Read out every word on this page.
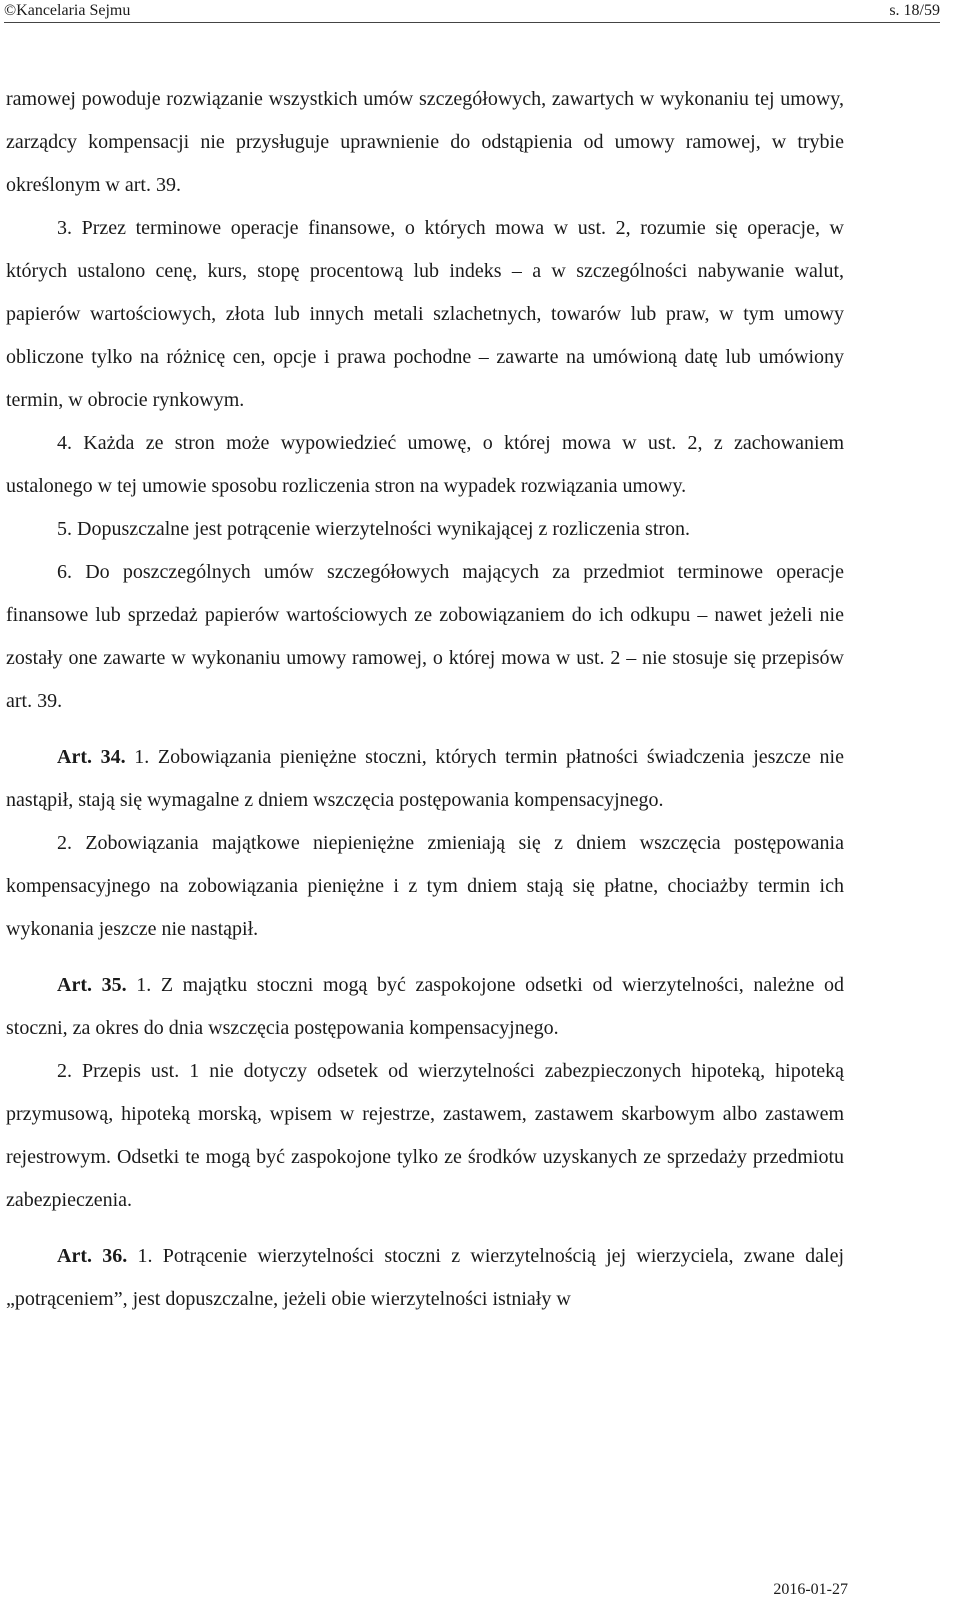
©Kancelaria Sejmu	s. 18/59

ramowej powoduje rozwiązanie wszystkich umów szczegółowych, zawartych w wykonaniu tej umowy, zarządcy kompensacji nie przysługuje uprawnienie do odstąpienia od umowy ramowej, w trybie określonym w art. 39.

3. Przez terminowe operacje finansowe, o których mowa w ust. 2, rozumie się operacje, w których ustalono cenę, kurs, stopę procentową lub indeks – a w szczególności nabywanie walut, papierów wartościowych, złota lub innych metali szlachetnych, towarów lub praw, w tym umowy obliczone tylko na różnicę cen, opcje i prawa pochodne – zawarte na umówioną datę lub umówiony termin, w obrocie rynkowym.

4. Każda ze stron może wypowiedzieć umowę, o której mowa w ust. 2, z zachowaniem ustalonego w tej umowie sposobu rozliczenia stron na wypadek rozwiązania umowy.

5. Dopuszczalne jest potrącenie wierzytelności wynikającej z rozliczenia stron.

6. Do poszczególnych umów szczegółowych mających za przedmiot terminowe operacje finansowe lub sprzedaż papierów wartościowych ze zobowiązaniem do ich odkupu – nawet jeżeli nie zostały one zawarte w wykonaniu umowy ramowej, o której mowa w ust. 2 – nie stosuje się przepisów art. 39.

Art. 34. 1. Zobowiązania pieniężne stoczni, których termin płatności świadczenia jeszcze nie nastąpił, stają się wymagalne z dniem wszczęcia postępowania kompensacyjnego.

2. Zobowiązania majątkowe niepieniężne zmieniają się z dniem wszczęcia postępowania kompensacyjnego na zobowiązania pieniężne i z tym dniem stają się płatne, chociażby termin ich wykonania jeszcze nie nastąpił.

Art. 35. 1. Z majątku stoczni mogą być zaspokojone odsetki od wierzytelności, należne od stoczni, za okres do dnia wszczęcia postępowania kompensacyjnego.

2. Przepis ust. 1 nie dotyczy odsetek od wierzytelności zabezpieczonych hipoteką, hipoteką przymusową, hipoteką morską, wpisem w rejestrze, zastawem, zastawem skarbowym albo zastawem rejestrowym. Odsetki te mogą być zaspokojone tylko ze środków uzyskanych ze sprzedaży przedmiotu zabezpieczenia.

Art. 36. 1. Potrącenie wierzytelności stoczni z wierzytelnością jej wierzyciela, zwane dalej „potrąceniem”, jest dopuszczalne, jeżeli obie wierzytelności istniały w

2016-01-27
